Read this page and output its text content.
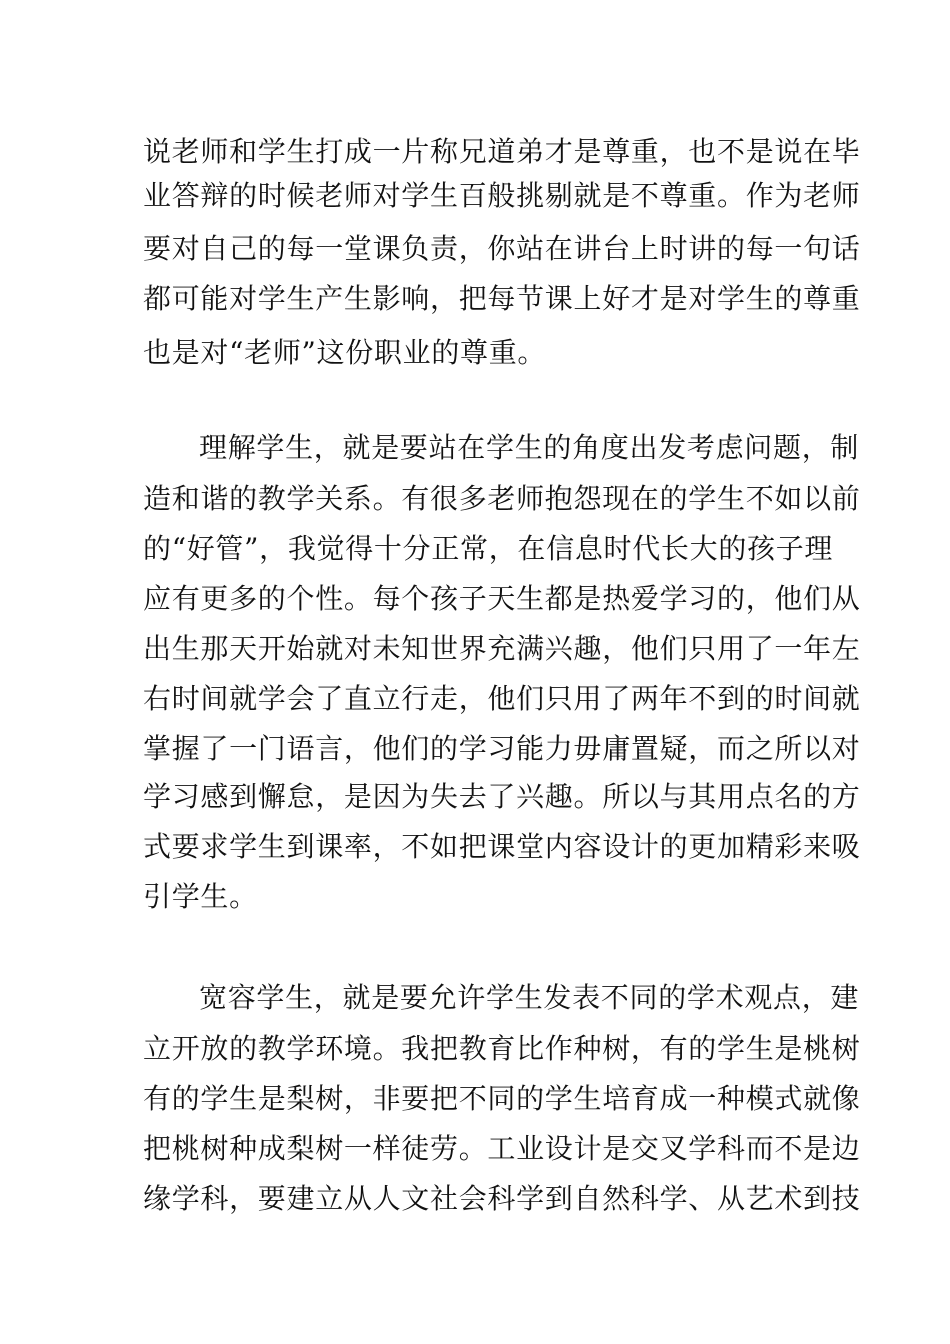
说老师和学生打成一片称兄道弟才是尊重，也不是说在毕
业答辩的时候老师对学生百般挑剔就是不尊重。作为老师
要对自己的每一堂课负责，你站在讲台上时讲的每一句话
都可能对学生产生影响，把每节课上好才是对学生的尊重
也是对“老师”这份职业的尊重。
理解学生，就是要站在学生的角度出发考虑问题，制
造和谐的教学关系。有很多老师抱怨现在的学生不如以前
的“好管”，我觉得十分正常，在信息时代长大的孩子理
应有更多的个性。每个孩子天生都是热爱学习的，他们从
出生那天开始就对未知世界充满兴趣，他们只用了一年左
右时间就学会了直立行走，他们只用了两年不到的时间就
掌握了一门语言，他们的学习能力毋庸置疑，而之所以对
学习感到懈怠，是因为失去了兴趣。所以与其用点名的方
式要求学生到课率，不如把课堂内容设计的更加精彩来吸
引学生。
宽容学生，就是要允许学生发表不同的学术观点，建
立开放的教学环境。我把教育比作种树，有的学生是桃树
有的学生是梨树，非要把不同的学生培育成一种模式就像
把桃树种成梨树一样徒劳。工业设计是交叉学科而不是边
缘学科，要建立从人文社会科学到自然科学、从艺术到技
